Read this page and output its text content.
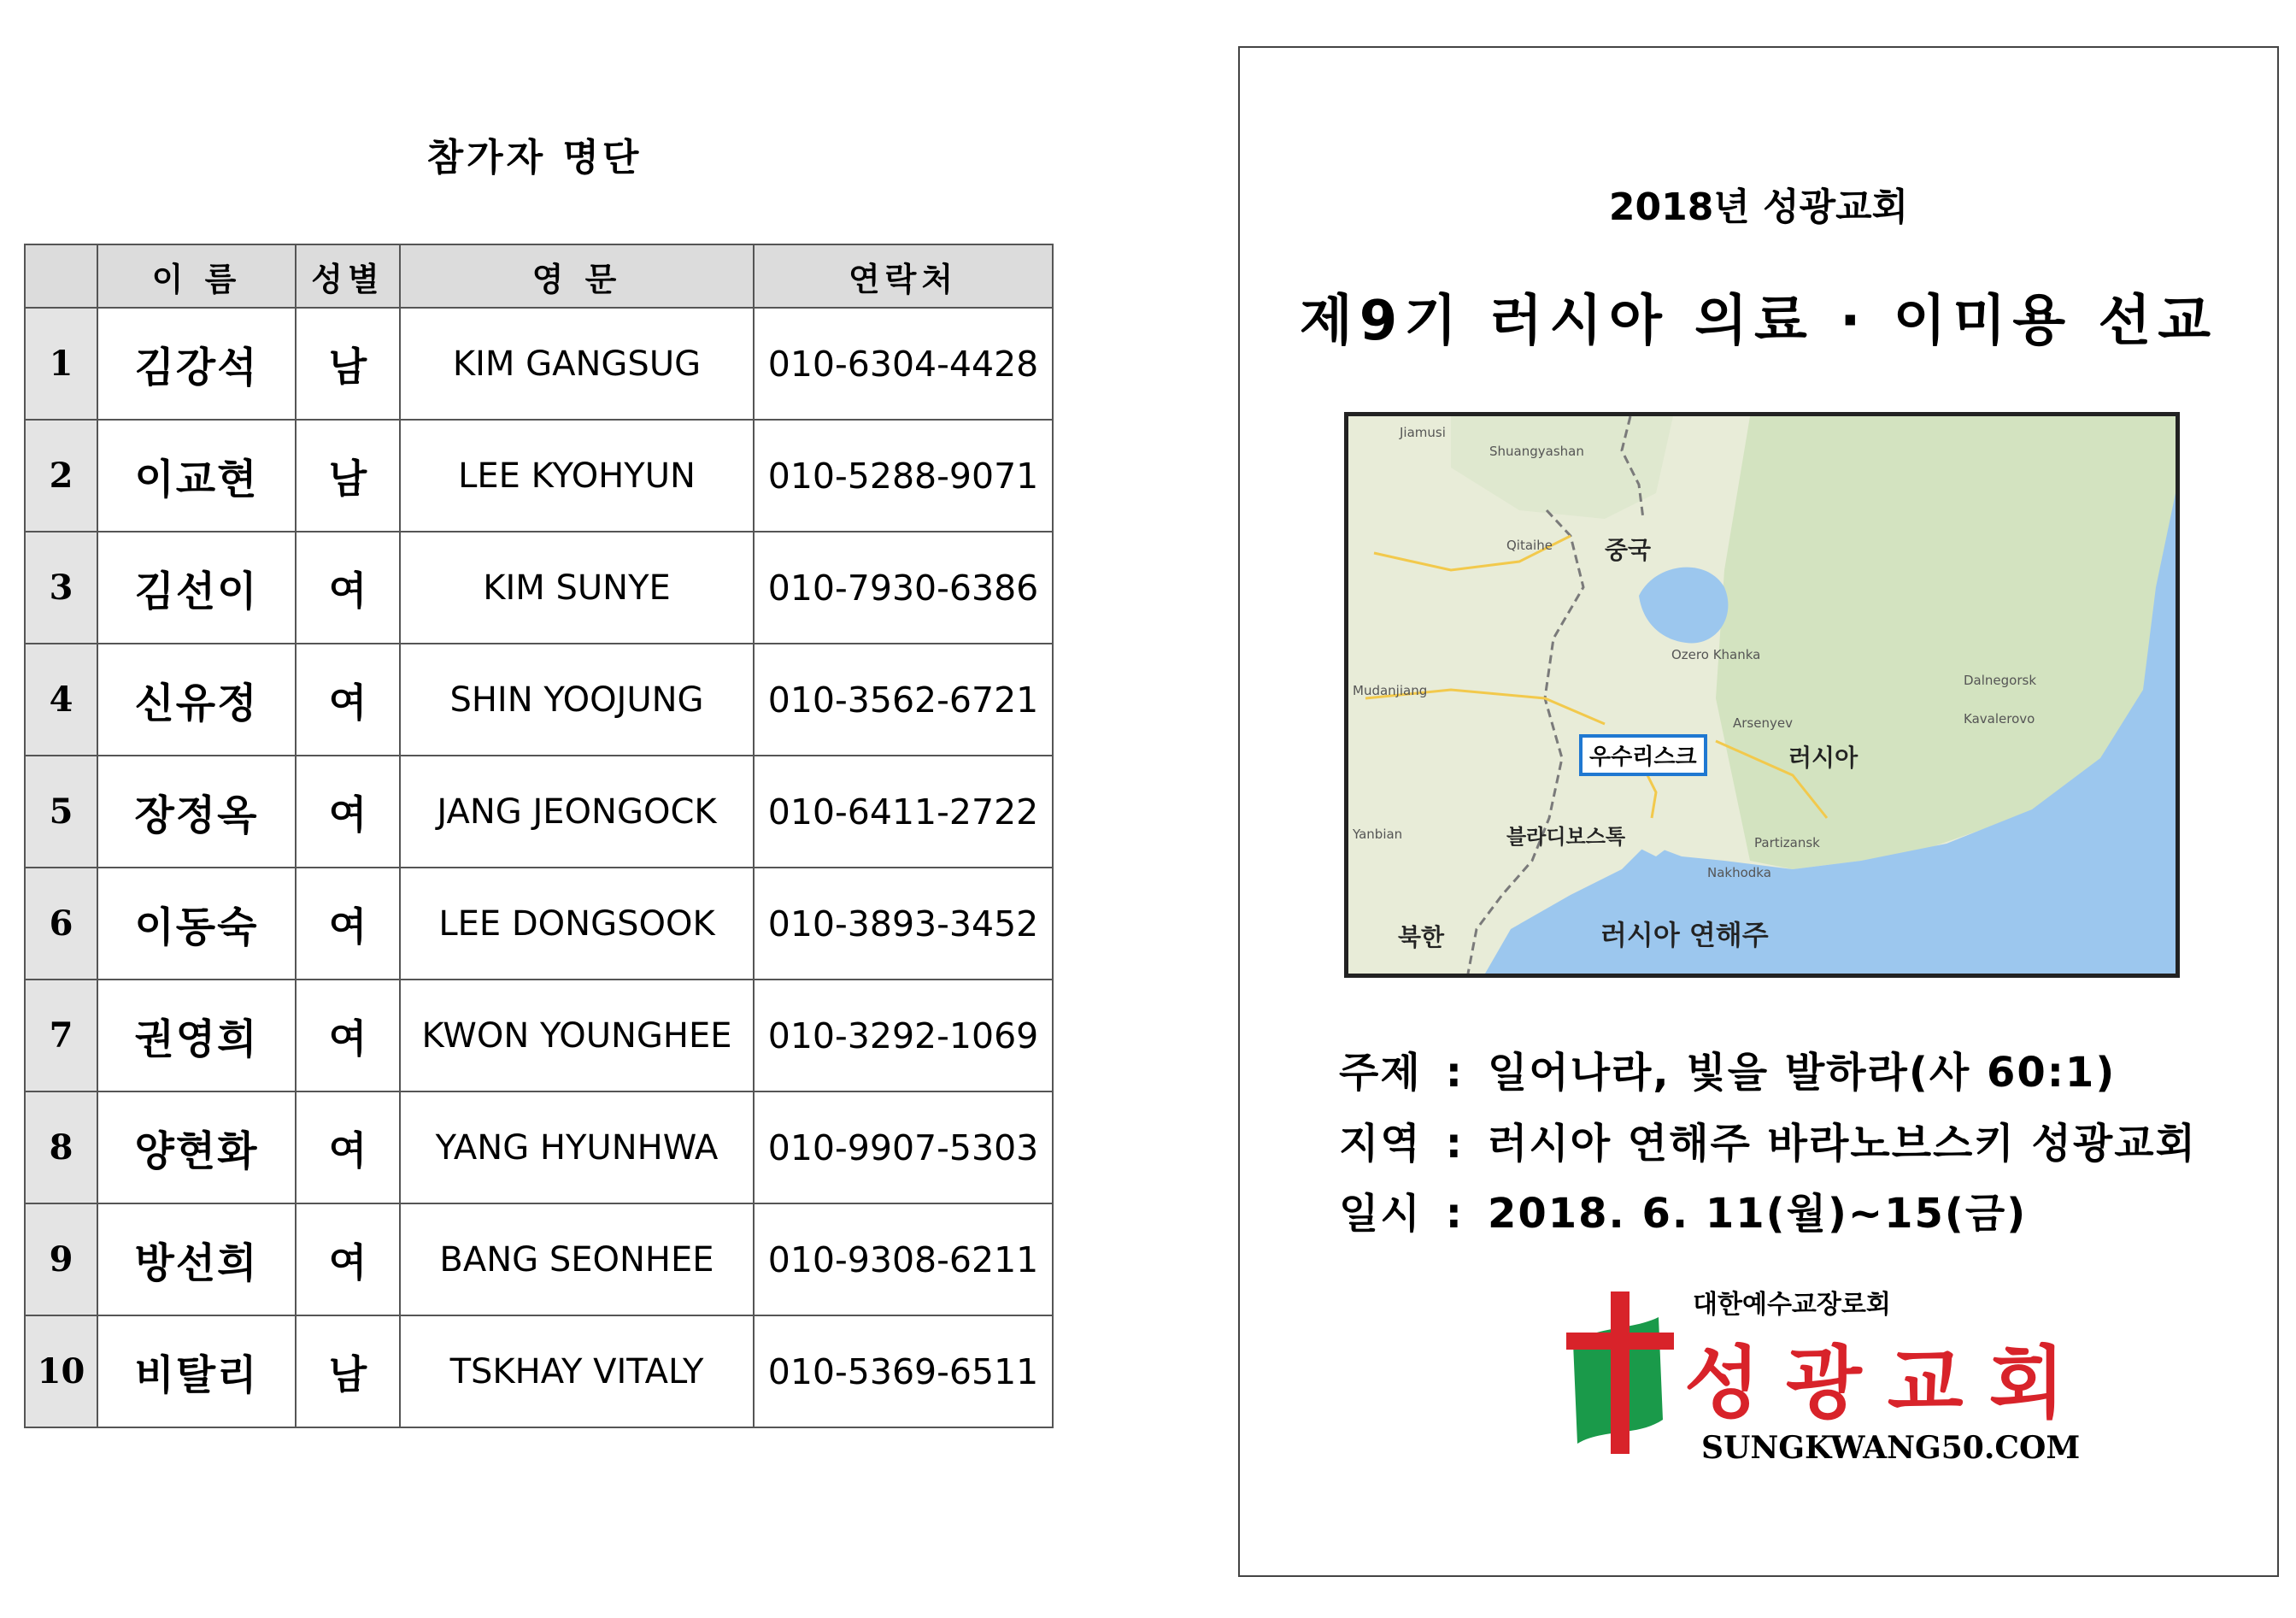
참가자 명단
	이 름	성별	영 문	연락처
1	김강석	남	KIM GANGSUG	010-6304-4428
2	이교현	남	LEE KYOHYUN	010-5288-9071
3	김선이	여	KIM SUNYE	010-7930-6386
4	신유정	여	SHIN YOOJUNG	010-3562-6721
5	장정옥	여	JANG JEONGOCK	010-6411-2722
6	이동숙	여	LEE DONGSOOK	010-3893-3452
7	권영희	여	KWON YOUNGHEE	010-3292-1069
8	양현화	여	YANG HYUNHWA	010-9907-5303
9	방선희	여	BANG SEONHEE	010-9308-6211
10	비탈리	남	TSKHAY VITALY	010-5369-6511
2018년 성광교회
제9기 러시아 의료 · 이미용 선교
Jiamusi
Shuangyashan
Qitaihe
Mudanjiang
Yanbian
Ozero Khanka
Kavalerovo
Dalnegorsk
Arsenyev
Partizansk
Nakhodka
중국
러시아
우수리스크
블라디보스톡
북한	러시아 연해주
주제 : 일어나라, 빛을 발하라(사 60:1)
지역 : 러시아 연해주 바라노브스키 성광교회
일시 : 2018. 6. 11(월)~15(금)
대한예수교장로회
성광교회
SUNGKWANG50.COM
